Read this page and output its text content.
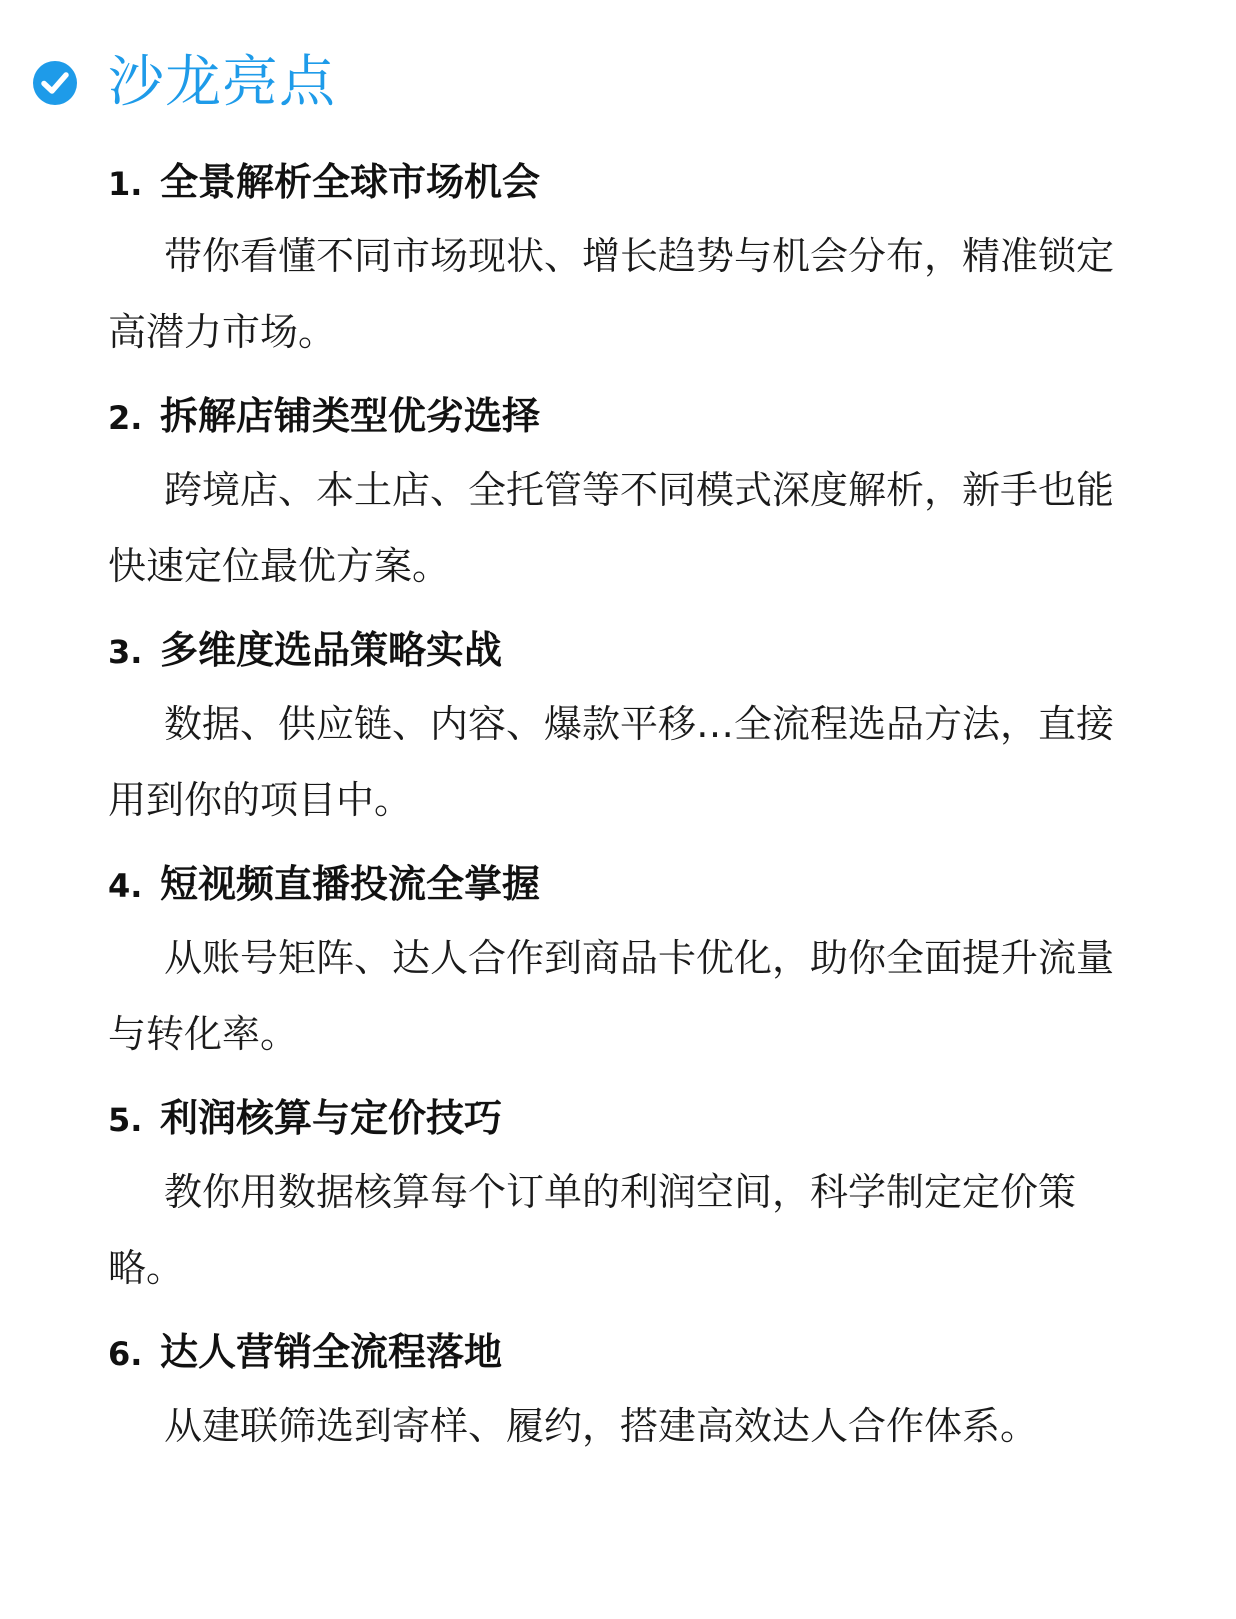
沙龙亮点
1. 全景解析全球市场机会
带你看懂不同市场现状、增长趋势与机会分布，精准锁定高潜力市场。
2. 拆解店铺类型优劣选择
跨境店、本土店、全托管等不同模式深度解析，新手也能快速定位最优方案。
3. 多维度选品策略实战
数据、供应链、内容、爆款平移…全流程选品方法，直接用到你的项目中。
4. 短视频直播投流全掌握
从账号矩阵、达人合作到商品卡优化，助你全面提升流量与转化率。
5. 利润核算与定价技巧
教你用数据核算每个订单的利润空间，科学制定定价策略。
6. 达人营销全流程落地
从建联筛选到寄样、履约，搭建高效达人合作体系。
